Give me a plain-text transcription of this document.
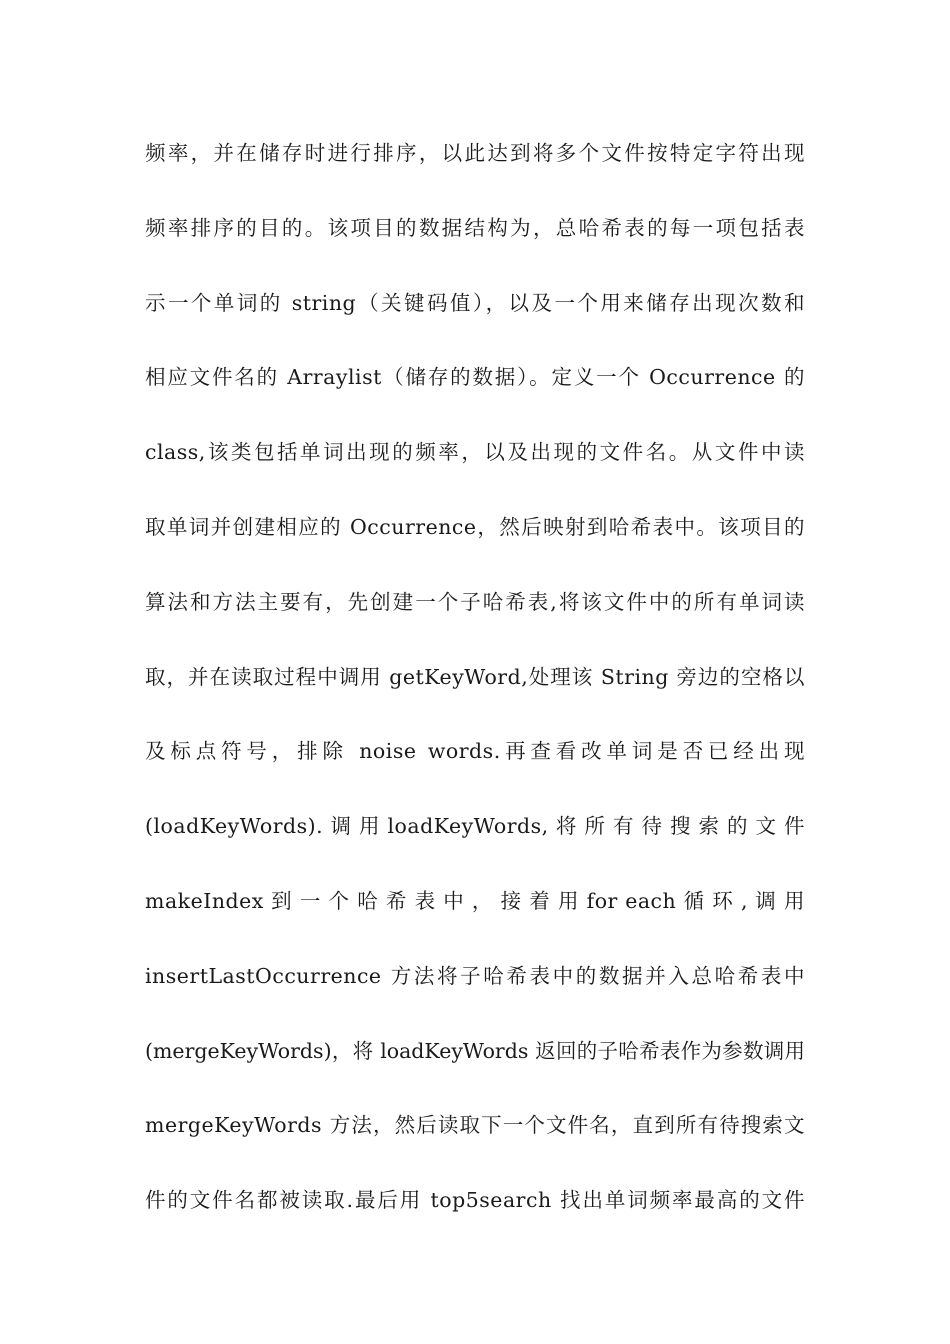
频率，并在储存时进行排序，以此达到将多个文件按特定字符出现
频率排序的目的。该项目的数据结构为，总哈希表的每一项包括表
示一个单词的 string（关键码值），以及一个用来储存出现次数和
相应文件名的 Arraylist（储存的数据）。定义一个 Occurrence 的
class,该类包括单词出现的频率，以及出现的文件名。从文件中读
取单词并创建相应的 Occurrence，然后映射到哈希表中。该项目的
算法和方法主要有，先创建一个子哈希表,将该文件中的所有单词读
取，并在读取过程中调用 getKeyWord,处理该 String 旁边的空格以
及标点符号，排除 noise words.再查看改单词是否已经出现
(loadKeyWords). 调 用 loadKeyWords, 将 所 有 待 搜 索 的 文 件
makeIndex 到 一 个 哈 希 表 中 ， 接 着 用 for each 循 环 , 调 用
insertLastOccurrence 方法将子哈希表中的数据并入总哈希表中
(mergeKeyWords)，将 loadKeyWords 返回的子哈希表作为参数调用
mergeKeyWords 方法，然后读取下一个文件名，直到所有待搜索文
件的文件名都被读取.最后用 top5search 找出单词频率最高的文件
